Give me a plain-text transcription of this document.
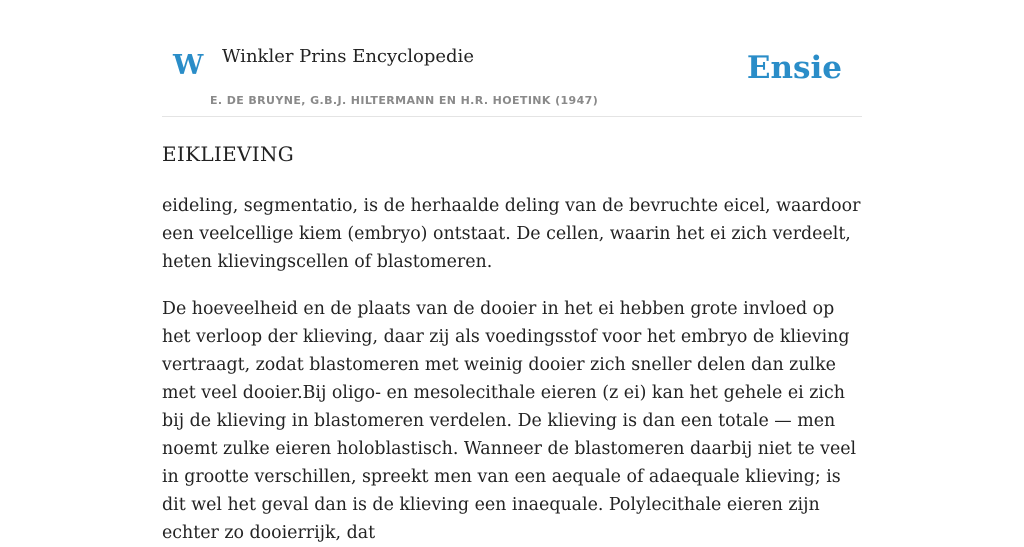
W Winkler Prins Encyclopedie
E. DE BRUYNE, G.B.J. HILTERMANN EN H.R. HOETINK (1947)
Ensie
EIKLIEVING

eideling, segmentatio, is de herhaalde deling van de bevruchte eicel, waardoor een veelcellige kiem (embryo) ontstaat. De cellen, waarin het ei zich verdeelt, heten klievingscellen of blastomeren.

De hoeveelheid en de plaats van de dooier in het ei hebben grote invloed op het verloop der klieving, daar zij als voedingsstof voor het embryo de klieving vertraagt, zodat blastomeren met weinig dooier zich sneller delen dan zulke met veel dooier.Bij oligo- en mesolecithale eieren (z ei) kan het gehele ei zich bij de klieving in blastomeren verdelen. De klieving is dan een totale — men noemt zulke eieren holoblastisch. Wanneer de blastomeren daarbij niet te veel in grootte verschillen, spreekt men van een aequale of adaequale klieving; is dit wel het geval dan is de klieving een inaequale. Polylecithale eieren zijn echter zo dooierrijk, dat
